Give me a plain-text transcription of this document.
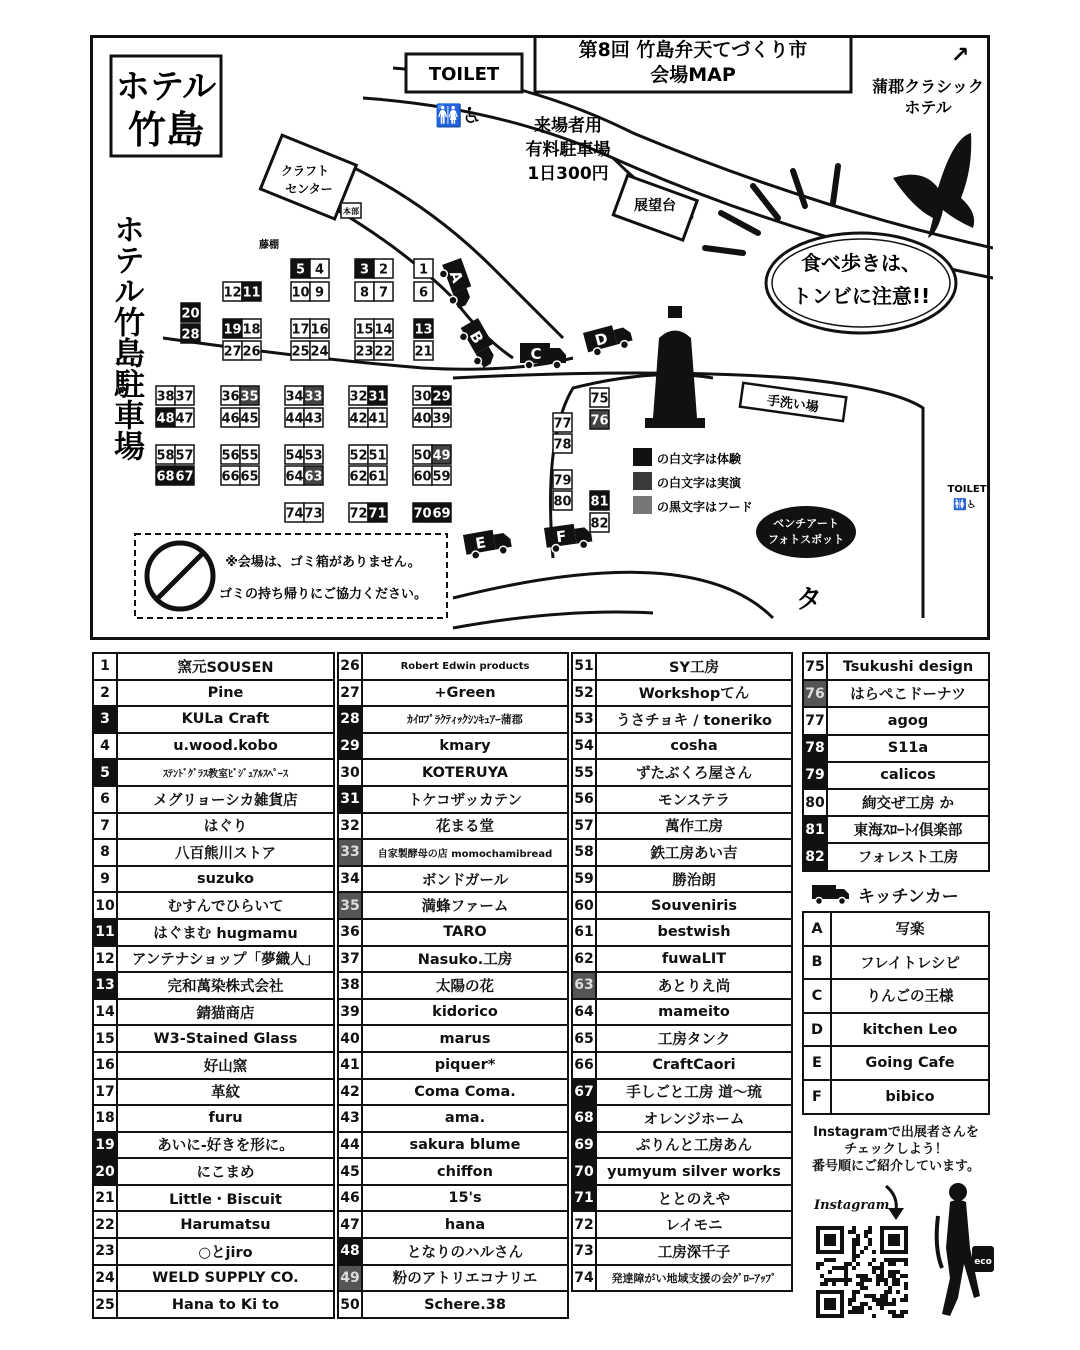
ホテル
竹島
ホテル竹島駐車場
TOILET
🚻♿	来場者用
有料駐車場
1日300円
第8回 竹島弁天てづくり市
会場MAP
↗
蒲郡クラシック
ホテル
クラフト
センター
本部
藤棚
展望台
食べ歩きは、
トンビに注意!!
手洗い場
TOILET
🚻♿
の白文字は体験
の白文字は実演
の黒文字はフード
ベンチアート
フォトスポット
タ
※会場は、ゴミ箱がありません。
ゴミの持ち帰りにご協力ください。
5 4	3 2 1
12 11 10 9	8 7 6
20
28 19 18 17 16 15 14 13
27 26 25 24 23 22 21
38 37 36 35 34 33 32 31 30 29
48 47 46 45 44 43 42 41 40 39
58 57 56 55 54 53 52 51 50 49
68 67 66 65 64 63 62 61 60 59
74 73 72 71 70 69
75
76
77
78
79
80 81
82
A
B
C
D
E	F
1	窯元SOUSEN
2	Pine
3	KULa Craft
4	u.wood.kobo
5	ｽﾃﾝﾄﾞｸﾞﾗｽ教室ﾋﾞｼﾞｭｱﾙｽﾍﾟｰｽ
6	メグリョーシカ雑貨店
7	はぐり
8	八百熊川ストア
9	suzuko
10	むすんでひらいて
11	はぐまむ hugmamu
12	アンテナショップ「夢織人」
13	完和萬染株式会社
14	錆猫商店
15	W3-Stained Glass
16	好山窯
17	革紋
18	furu
19	あいに-好きを形に。
20	にこまめ
21	Little・Biscuit
22	Harumatsu
23	○とjiro
24	WELD SUPPLY CO.
25	Hana to Ki to
26	Robert Edwin products
27	+Green
28	ｶｲﾛﾌﾟﾗｸﾃｨｯｸｼﾝｷｭｱｰ蒲郡
29	kmary
30	KOTERUYA
31	トケコザッカテン
32	花まる堂
33	自家製酵母の店 momochamibread
34	ボンドガール
35	満蜂ファーム
36	TARO
37	Nasuko.工房
38	太陽の花
39	kidorico
40	marus
41	piquer*
42	Coma Coma.
43	ama.
44	sakura blume
45	chiffon
46	15's
47	hana
48	となりのハルさん
49	粉のアトリエコナリエ
50	Schere.38
51	SY工房
52	Workshopてん
53	うさチョキ / toneriko
54	cosha
55	ずたぶくろ屋さん
56	モンステラ
57	萬作工房
58	鉄工房あい吉
59	勝治朗
60	Souveniris
61	bestwish
62	fuwaLIT
63	あとりえ尚
64	mameito
65	工房タンク
66	CraftCaori
67	手しごと工房 道〜琉
68	オレンジホーム
69	ぷりんと工房あん
70	yumyum silver works
71	ととのえや
72	レイモニ
73	工房深千子
74	発達障がい地域支援の会ｸﾞﾛｰｱｯﾌﾟ
75	Tsukushi design
76	はらぺこドーナツ
77	agog
78	S11a
79	calicos
80	絢交ぜ工房 か
81	東海ｽﾛｰﾄｲ倶楽部
82	フォレスト工房
キッチンカー
A	写楽
B	フレイトレシピ
C	りんごの王様
D	kitchen Leo
E	Going Cafe
F	bibico
Instagramで出展者さんを
チェックしよう！
番号順にご紹介しています。
Instagram
eco
